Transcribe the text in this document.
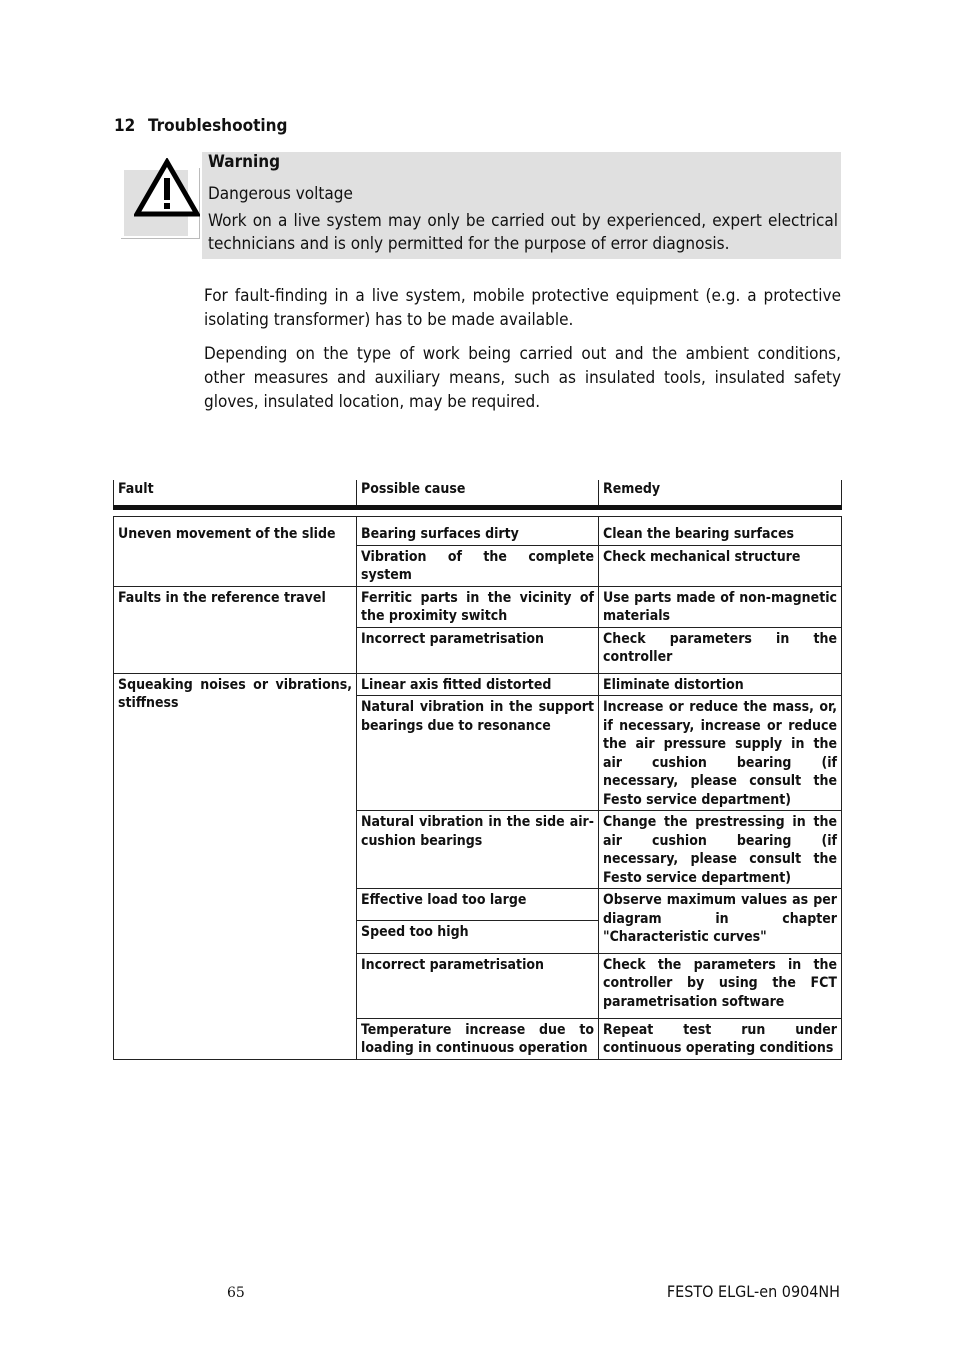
12 Troubleshooting
Warning
Dangerous voltage
Work on a live system may only be carried out by experienced, expert electrical technicians and is only permitted for the purpose of error diagnosis.
For fault-finding in a live system, mobile protective equipment (e.g. a protective isolating transformer) has to be made available.
Depending on the type of work being carried out and the ambient conditions, other measures and auxiliary means, such as insulated tools, insulated safety gloves, insulated location, may be required.
Fault	Possible cause	Remedy

Uneven movement of the slide	Bearing surfaces dirty	Clean the bearing surfaces
	Vibration of the complete system	Check mechanical structure
Faults in the reference travel	Ferritic parts in the vicinity of the proximity switch	Use parts made of non-magnetic materials
	Incorrect parametrisation	Check parameters in the controller
Squeaking noises or vibrations, stiffness	Linear axis fitted distorted	Eliminate distortion
	Natural vibration in the support bearings due to resonance	Increase or reduce the mass, or, if necessary, increase or reduce the air pressure supply in the air cushion bearing (if necessary, please consult the Festo service department)
	Natural vibration in the side air-cushion bearings	Change the prestressing in the air cushion bearing (if necessary, please consult the Festo service department)
	Effective load too large	Observe maximum values as per diagram in chapter "Characteristic curves"
	Speed too high	
	Incorrect parametrisation	Check the parameters in the controller by using the FCT parametrisation software
	Temperature increase due to loading in continuous operation	Repeat test run under continuous operating conditions
65	FESTO ELGL-en 0904NH
